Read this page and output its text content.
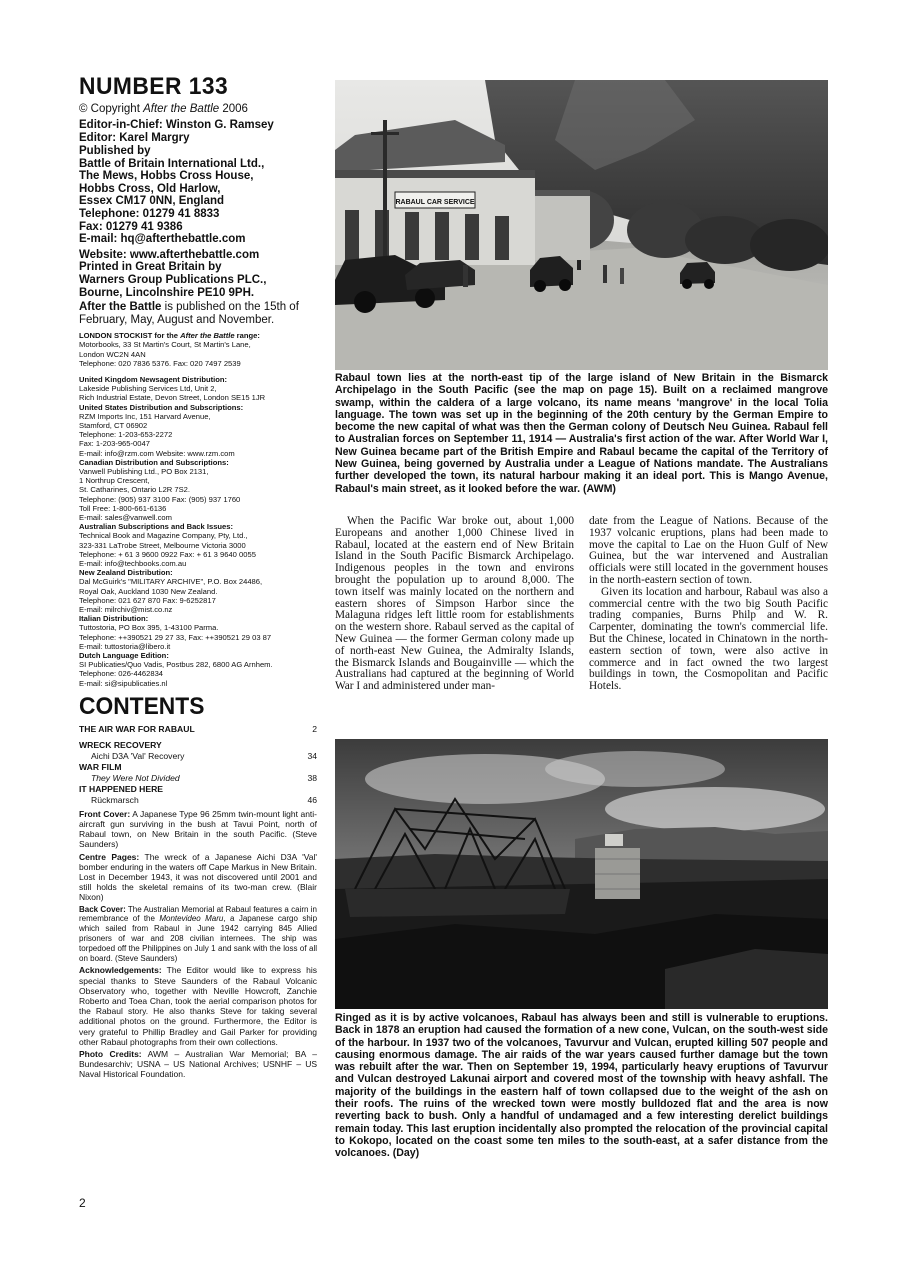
NUMBER 133
© Copyright After the Battle 2006
Editor-in-Chief: Winston G. Ramsey
Editor: Karel Margry
Published by
Battle of Britain International Ltd.,
The Mews, Hobbs Cross House,
Hobbs Cross, Old Harlow,
Essex CM17 0NN, England
Telephone: 01279 41 8833
Fax: 01279 41 9386
E-mail: hq@afterthebattle.com
Website: www.afterthebattle.com
Printed in Great Britain by
Warners Group Publications PLC.,
Bourne, Lincolnshire PE10 9PH.
After the Battle is published on the 15th of February, May, August and November.
LONDON STOCKIST for the After the Battle range:
Motorbooks, 33 St Martin's Court, St Martin's Lane,
London WC2N 4AN
Telephone: 020 7836 5376. Fax: 020 7497 2539
United Kingdom Newsagent Distribution:
Lakeside Publishing Services Ltd, Unit 2,
Rich Industrial Estate, Devon Street, London SE15 1JR
United States Distribution and Subscriptions:
RZM Imports Inc, 151 Harvard Avenue,
Stamford, CT 06902
Telephone: 1-203-653-2272
Fax: 1-203-965-0047
E-mail: info@rzm.com Website: www.rzm.com
Canadian Distribution and Subscriptions:
Vanwell Publishing Ltd., PO Box 2131,
1 Northrup Crescent,
St. Catharines, Ontario L2R 7S2.
Telephone: (905) 937 3100 Fax: (905) 937 1760
Toll Free: 1-800-661-6136
E-mail: sales@vanwell.com
Australian Subscriptions and Back Issues:
Technical Book and Magazine Company, Pty, Ltd.,
323-331 LaTrobe Street, Melbourne Victoria 3000
Telephone: + 61 3 9600 0922 Fax: + 61 3 9640 0055
E-mail: info@techbooks.com.au
New Zealand Distribution:
Dal McGuirk's "MILITARY ARCHIVE", P.O. Box 24486,
Royal Oak, Auckland 1030 New Zealand.
Telephone: 021 627 870 Fax: 9-6252817
E-mail: milrchiv@mist.co.nz
Italian Distribution:
Tuttostoria, PO Box 395, 1-43100 Parma.
Telephone: ++390521 29 27 33, Fax: ++390521 29 03 87
E-mail: tuttostoria@libero.it
Dutch Language Edition:
SI Publicaties/Quo Vadis, Postbus 282, 6800 AG Arnhem.
Telephone: 026-4462834
E-mail: si@sipublicaties.nl
CONTENTS
THE AIR WAR FOR RABAUL	2
WRECK RECOVERY
Aichi D3A 'Val' Recovery	34
WAR FILM
They Were Not Divided	38
IT HAPPENED HERE
Rückmarsch	46

Front Cover: A Japanese Type 96 25mm twin-mount light anti-aircraft gun surviving in the bush at Tavui Point, north of Rabaul town, on New Britain in the south Pacific. (Steve Saunders)

Centre Pages: The wreck of a Japanese Aichi D3A 'Val' bomber enduring in the waters off Cape Markus in New Britain. Lost in December 1943, it was not discovered until 2001 and still holds the skeletal remains of its two-man crew. (Blair Nixon)

Back Cover: The Australian Memorial at Rabaul features a cairn in remembrance of the Montevideo Maru, a Japanese cargo ship which sailed from Rabaul in June 1942 carrying 845 Allied prisoners of war and 208 civilian internees. The ship was torpedoed off the Philippines on July 1 and sank with the loss of all on board. (Steve Saunders)

Acknowledgements: The Editor would like to express his special thanks to Steve Saunders of the Rabaul Volcanic Observatory who, together with Neville Howcroft, Zanchie Roberto and Toea Chan, took the aerial comparison photos for the Rabaul story. He also thanks Steve for taking several additional photos on the ground. Furthermore, the Editor is very grateful to Phillip Bradley and Gail Parker for providing other Rabaul photographs from their own collections.

Photo Credits: AWM – Australian War Memorial; BA – Bundesarchiv; USNA – US National Archives; USNHF – US Naval Historical Foundation.

RABAUL CAR SERVICE
Rabaul town lies at the north-east tip of the large island of New Britain in the Bismarck Archipelago in the South Pacific (see the map on page 15). Built on a reclaimed mangrove swamp, within the caldera of a large volcano, its name means 'mangrove' in the local Tolia language. The town was set up in the beginning of the 20th century by the German Empire to become the new capital of what was then the German colony of Deutsch Neu Guinea. Rabaul fell to Australian forces on September 11, 1914 — Australia's first action of the war. After World War I, New Guinea became part of the British Empire and Rabaul became the capital of the Territory of New Guinea, being governed by Australia under a League of Nations mandate. The Australians further developed the town, its natural harbour making it an ideal port. This is Mango Avenue, Rabaul's main street, as it looked before the war. (AWM)

When the Pacific War broke out, about 1,000 Europeans and another 1,000 Chinese lived in Rabaul, located at the eastern end of New Britain Island in the South Pacific Bismarck Archipelago. Indigenous peoples in the town and environs brought the population up to around 8,000. The town itself was mainly located on the northern and eastern shores of Simpson Harbor since the Malaguna ridges left little room for establishments on the western shore. Rabaul served as the capital of New Guinea — the former German colony made up of north-east New Guinea, the Admiralty Islands, the Bismarck Islands and Bougainville — which the Australians had captured at the beginning of World War I and administered under man-

date from the League of Nations. Because of the 1937 volcanic eruptions, plans had been made to move the capital to Lae on the Huon Gulf of New Guinea, but the war intervened and Australian officials were still located in the government houses in the north-eastern section of town.

Given its location and harbour, Rabaul was also a commercial centre with the two big South Pacific trading companies, Burns Philp and W. R. Carpenter, dominating the town's commercial life. But the Chinese, located in Chinatown in the north-eastern section of town, were also active in commerce and in fact owned the two largest buildings in town, the Cosmopolitan and Pacific Hotels.

Ringed as it is by active volcanoes, Rabaul has always been and still is vulnerable to eruptions. Back in 1878 an eruption had caused the formation of a new cone, Vulcan, on the south-west side of the harbour. In 1937 two of the volcanoes, Tavurvur and Vulcan, erupted killing 507 people and causing enormous damage. The air raids of the war years caused further damage but the town was rebuilt after the war. Then on September 19, 1994, particularly heavy eruptions of Tavurvur and Vulcan destroyed Lakunai airport and covered most of the township with heavy ashfall. The majority of the buildings in the eastern half of town collapsed due to the weight of the ash on their roofs. The ruins of the wrecked town were mostly bulldozed flat and the area is now reverting back to bush. Only a handful of undamaged and a few interesting derelict buildings remain today. This last eruption incidentally also prompted the relocation of the provincial capital to Kokopo, located on the coast some ten miles to the south-east, at a safer distance from the volcanoes. (Day)
2
